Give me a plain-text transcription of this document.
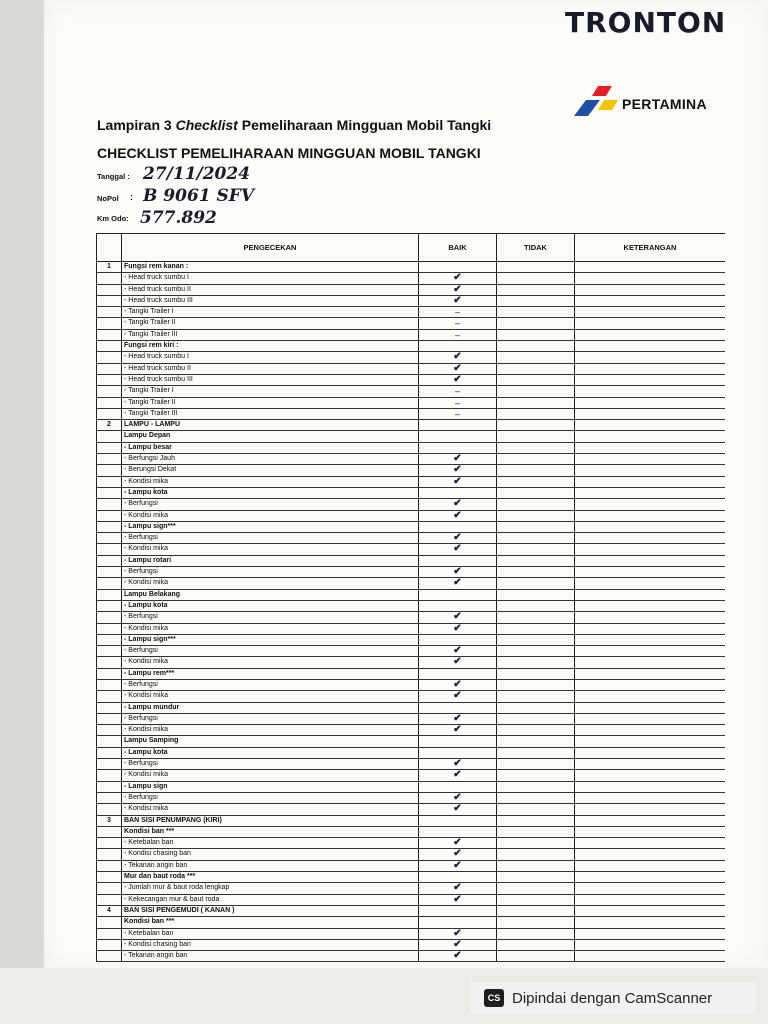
TRONTON
PERTAMINA
Lampiran 3 Checklist Pemeliharaan Mingguan Mobil Tangki
CHECKLIST PEMELIHARAAN MINGGUAN MOBIL TANGKI
Tanggal : 27/11/2024
NoPol : B 9061 SFV
Km Odo: 577.892
PENGECEKAN	BAIK	TIDAK	KETERANGAN
1	Fungsi rem kanan :
- Head truck sumbu I	✔
- Head truck sumbu II	✔
- Head truck sumbu III	✔
- Tangki Trailer I	–
- Tangki Trailer II	–
- Tangki Trailer III	–
Fungsi rem kiri :
- Head truck sumbu I	✔
- Head truck sumbu II	✔
- Head truck sumbu III	✔
- Tangki Trailer I	–
- Tangki Trailer II	–
- Tangki Trailer III	–
2	LAMPU - LAMPU
Lampu Depan
- Lampu besar
- Berfungsi Jauh	✔
- Berungsi Dekat	✔
- Kondisi mika	✔
- Lampu kota
- Berfungsi	✔
- Kondisi mika	✔
- Lampu sign***
- Berfungsi	✔
- Kondisi mika	✔
- Lampu rotari
- Berfungsi	✔
- Kondisi mika	✔
Lampu Belakang
- Lampu kota
- Berfungsi	✔
- Kondisi mika	✔
- Lampu sign***
- Berfungsi	✔
- Kondisi mika	✔
- Lampu rem***
- Berfungsi	✔
- Kondisi mika	✔
- Lampu mundur
- Berfungsi	✔
- Kondisi mika	✔
Lampu Samping
- Lampu kota
- Berfungsi	✔
- Kondisi mika	✔
- Lampu sign
- Berfungsi	✔
- Kondisi mika	✔
3	BAN SISI PENUMPANG (KIRI)
Kondisi ban ***
- Ketebalan ban	✔
- Kondisi chasing ban	✔
- Tekanan angin ban	✔
Mur dan baut roda ***
- Jumlah mur & baut roda lengkap	✔
- Kekecangan mur & baut roda	✔
4	BAN SISI PENGEMUDI ( KANAN )
Kondisi ban ***
- Ketebalan ban	✔
- Kondisi chasing ban	✔
- Tekanan angin ban	✔
CS Dipindai dengan CamScanner
